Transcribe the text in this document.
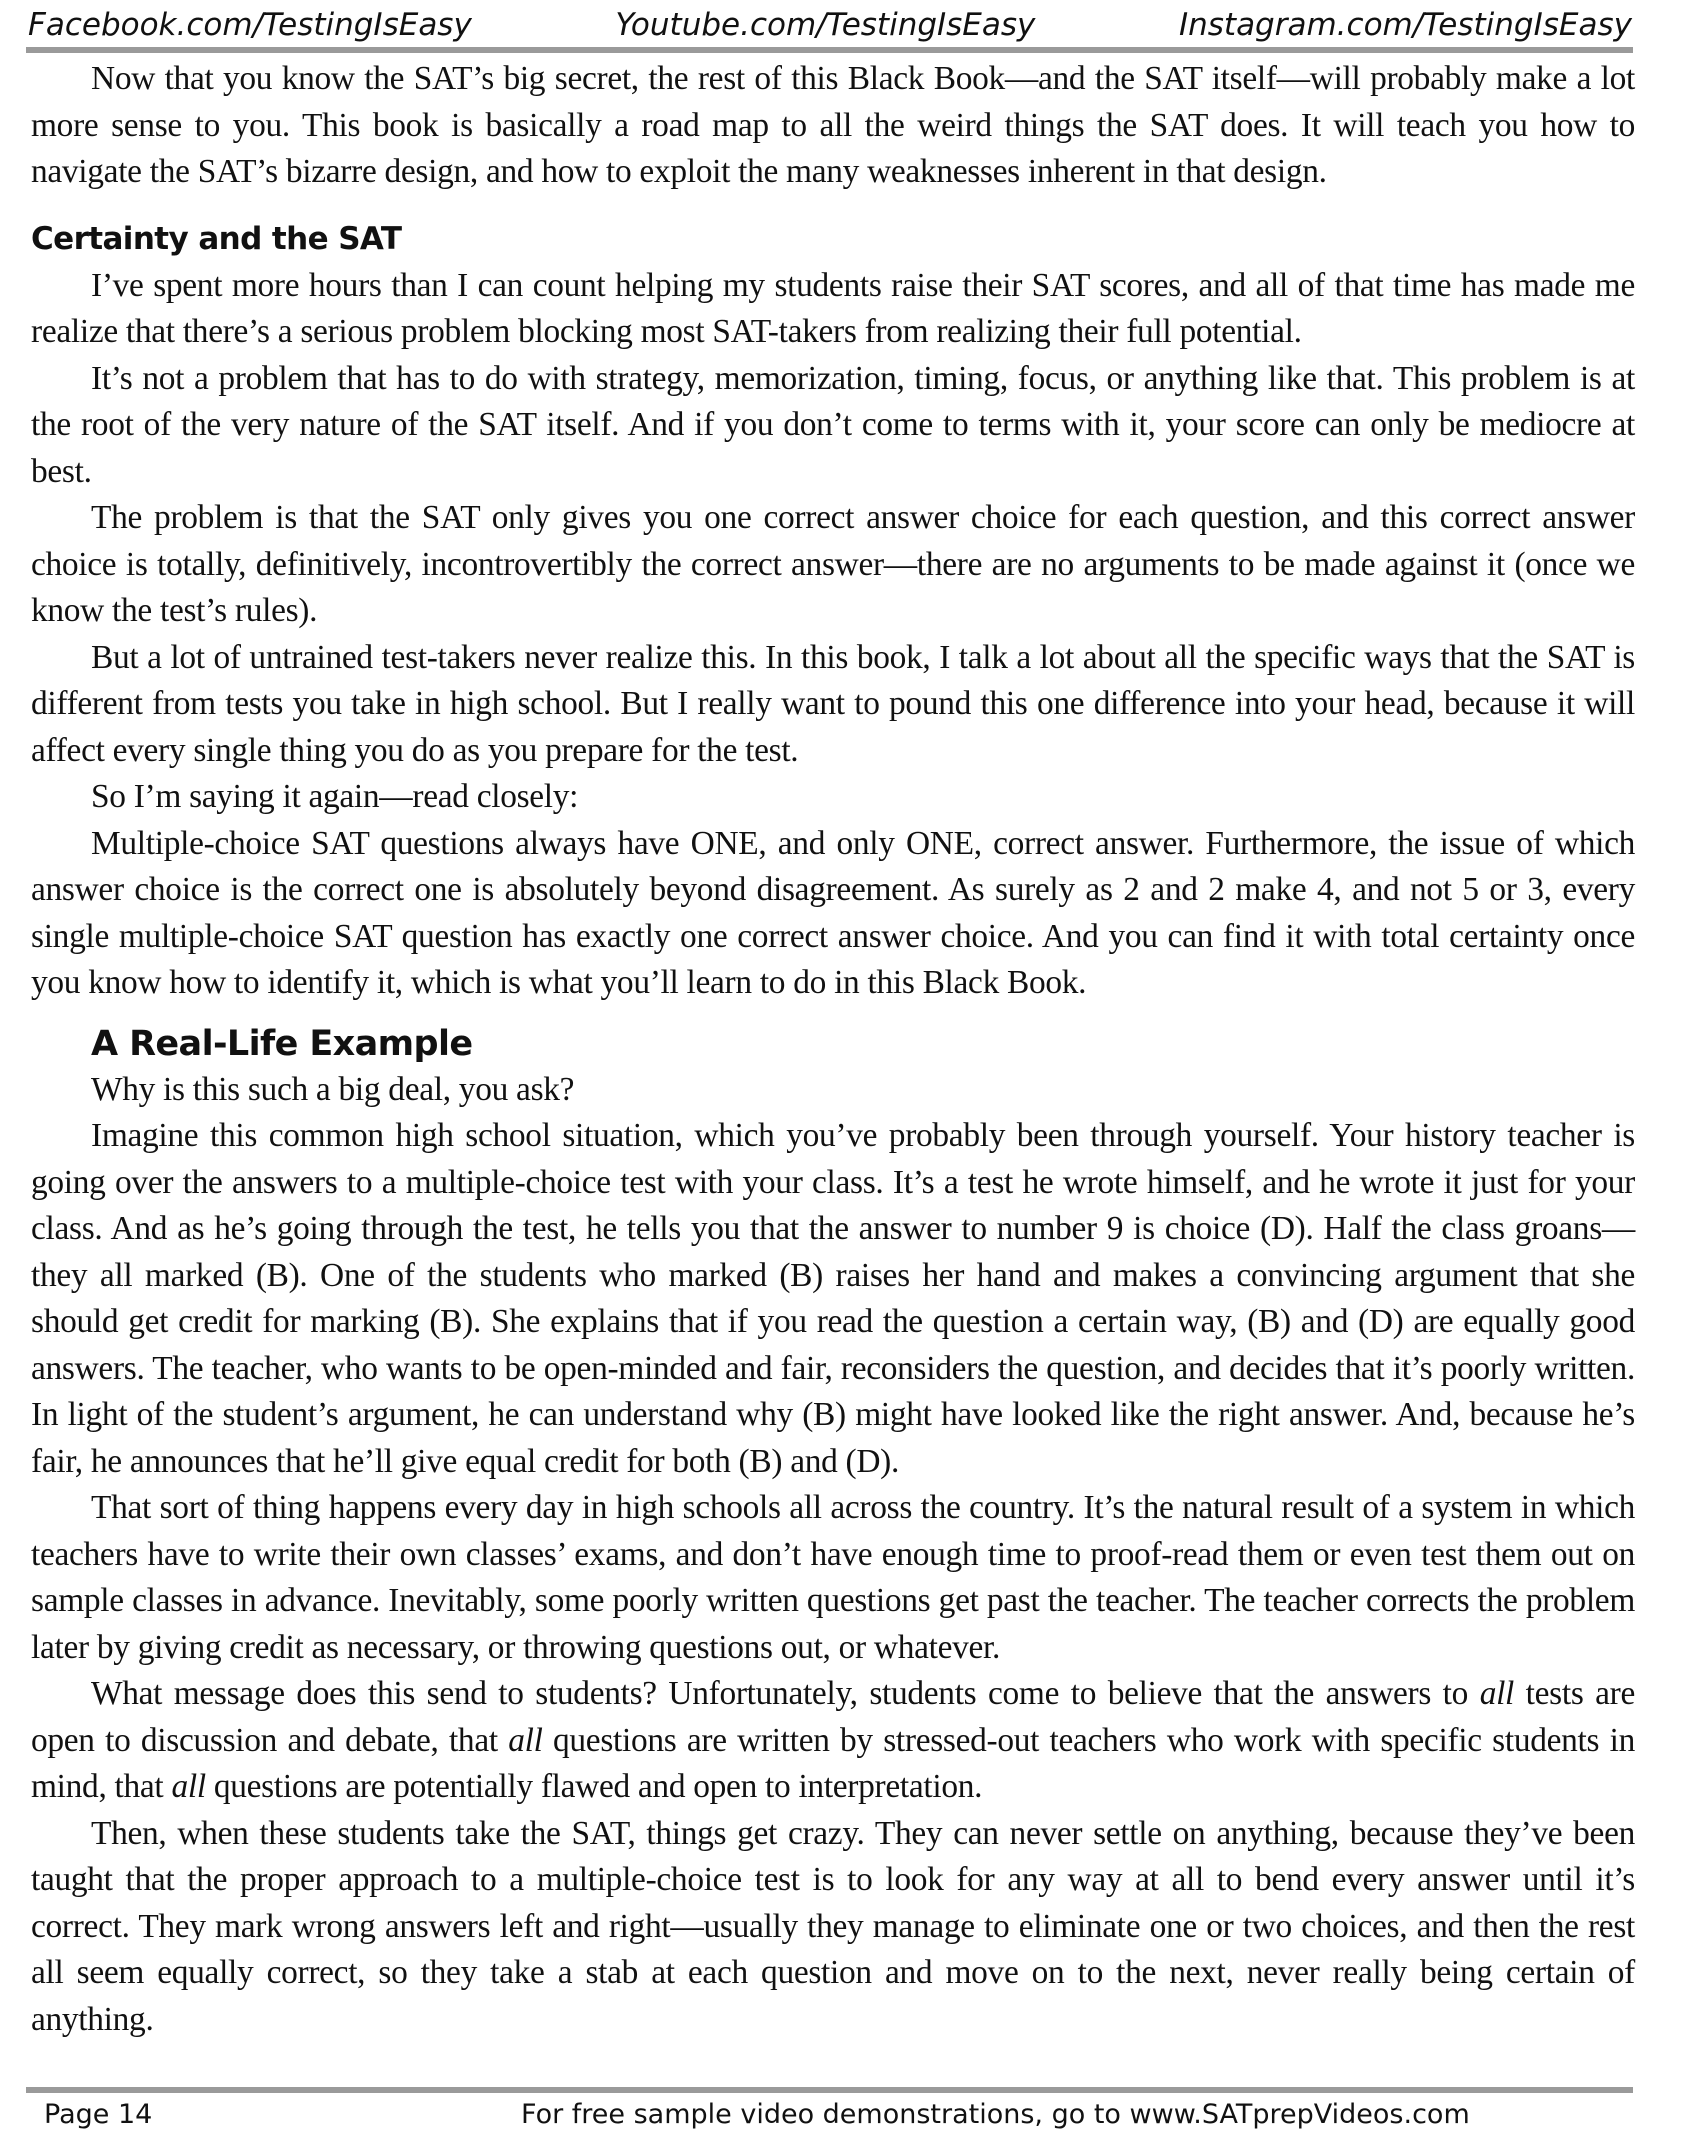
Facebook.com/TestingIsEasy	Youtube.com/TestingIsEasy	Instagram.com/TestingIsEasy

Now that you know the SAT’s big secret, the rest of this Black Book—and the SAT itself—will probably make a lot more sense to you. This book is basically a road map to all the weird things the SAT does. It will teach you how to navigate the SAT’s bizarre design, and how to exploit the many weaknesses inherent in that design.

Certainty and the SAT

I’ve spent more hours than I can count helping my students raise their SAT scores, and all of that time has made me realize that there’s a serious problem blocking most SAT-takers from realizing their full potential.

It’s not a problem that has to do with strategy, memorization, timing, focus, or anything like that. This problem is at the root of the very nature of the SAT itself. And if you don’t come to terms with it, your score can only be mediocre at best.

The problem is that the SAT only gives you one correct answer choice for each question, and this correct answer choice is totally, definitively, incontrovertibly the correct answer—there are no arguments to be made against it (once we know the test’s rules).

But a lot of untrained test-takers never realize this. In this book, I talk a lot about all the specific ways that the SAT is different from tests you take in high school. But I really want to pound this one difference into your head, because it will affect every single thing you do as you prepare for the test.

So I’m saying it again—read closely:

Multiple-choice SAT questions always have ONE, and only ONE, correct answer. Furthermore, the issue of which answer choice is the correct one is absolutely beyond disagreement. As surely as 2 and 2 make 4, and not 5 or 3, every single multiple-choice SAT question has exactly one correct answer choice. And you can find it with total certainty once you know how to identify it, which is what you’ll learn to do in this Black Book.

A Real-Life Example

Why is this such a big deal, you ask?

Imagine this common high school situation, which you’ve probably been through yourself. Your history teacher is going over the answers to a multiple-choice test with your class. It’s a test he wrote himself, and he wrote it just for your class. And as he’s going through the test, he tells you that the answer to number 9 is choice (D). Half the class groans—they all marked (B). One of the students who marked (B) raises her hand and makes a convincing argument that she should get credit for marking (B). She explains that if you read the question a certain way, (B) and (D) are equally good answers. The teacher, who wants to be open-minded and fair, reconsiders the question, and decides that it’s poorly written. In light of the student’s argument, he can understand why (B) might have looked like the right answer. And, because he’s fair, he announces that he’ll give equal credit for both (B) and (D).

That sort of thing happens every day in high schools all across the country. It’s the natural result of a system in which teachers have to write their own classes’ exams, and don’t have enough time to proof-read them or even test them out on sample classes in advance. Inevitably, some poorly written questions get past the teacher. The teacher corrects the problem later by giving credit as necessary, or throwing questions out, or whatever.

What message does this send to students? Unfortunately, students come to believe that the answers to all tests are open to discussion and debate, that all questions are written by stressed-out teachers who work with specific students in mind, that all questions are potentially flawed and open to interpretation.

Then, when these students take the SAT, things get crazy. They can never settle on anything, because they’ve been taught that the proper approach to a multiple-choice test is to look for any way at all to bend every answer until it’s correct. They mark wrong answers left and right—usually they manage to eliminate one or two choices, and then the rest all seem equally correct, so they take a stab at each question and move on to the next, never really being certain of anything.

Page 14	For free sample video demonstrations, go to www.SATprepVideos.com
